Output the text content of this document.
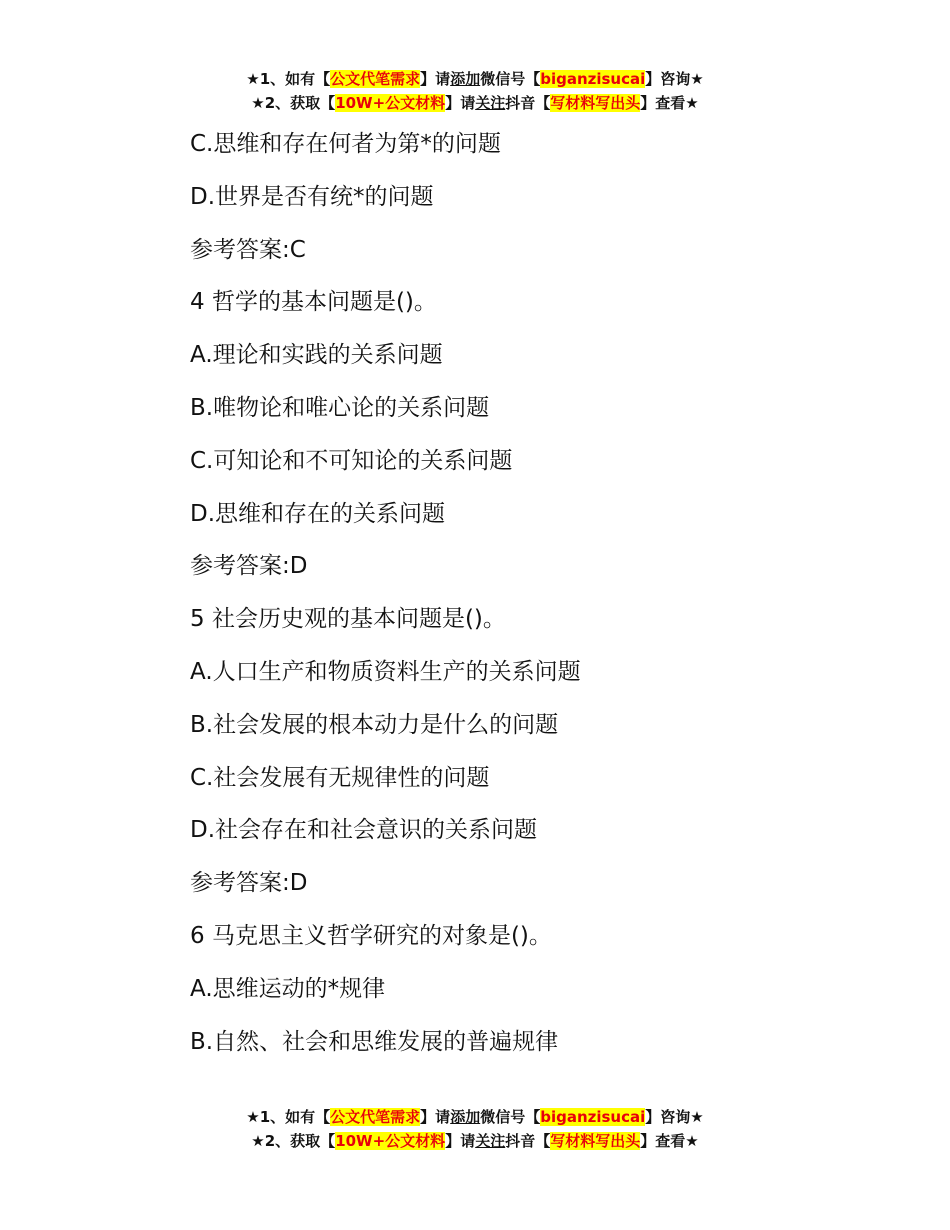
★1、如有【公文代笔需求】请添加微信号【biganzisucai】咨询★
★2、获取【10W+公文材料】请关注抖音【写材料写出头】查看★
C.思维和存在何者为第*的问题
D.世界是否有统*的问题
参考答案:C
4 哲学的基本问题是()。
A.理论和实践的关系问题
B.唯物论和唯心论的关系问题
C.可知论和不可知论的关系问题
D.思维和存在的关系问题
参考答案:D
5 社会历史观的基本问题是()。
A.人口生产和物质资料生产的关系问题
B.社会发展的根本动力是什么的问题
C.社会发展有无规律性的问题
D.社会存在和社会意识的关系问题
参考答案:D
6 马克思主义哲学研究的对象是()。
A.思维运动的*规律
B.自然、社会和思维发展的普遍规律
★1、如有【公文代笔需求】请添加微信号【biganzisucai】咨询★
★2、获取【10W+公文材料】请关注抖音【写材料写出头】查看★
